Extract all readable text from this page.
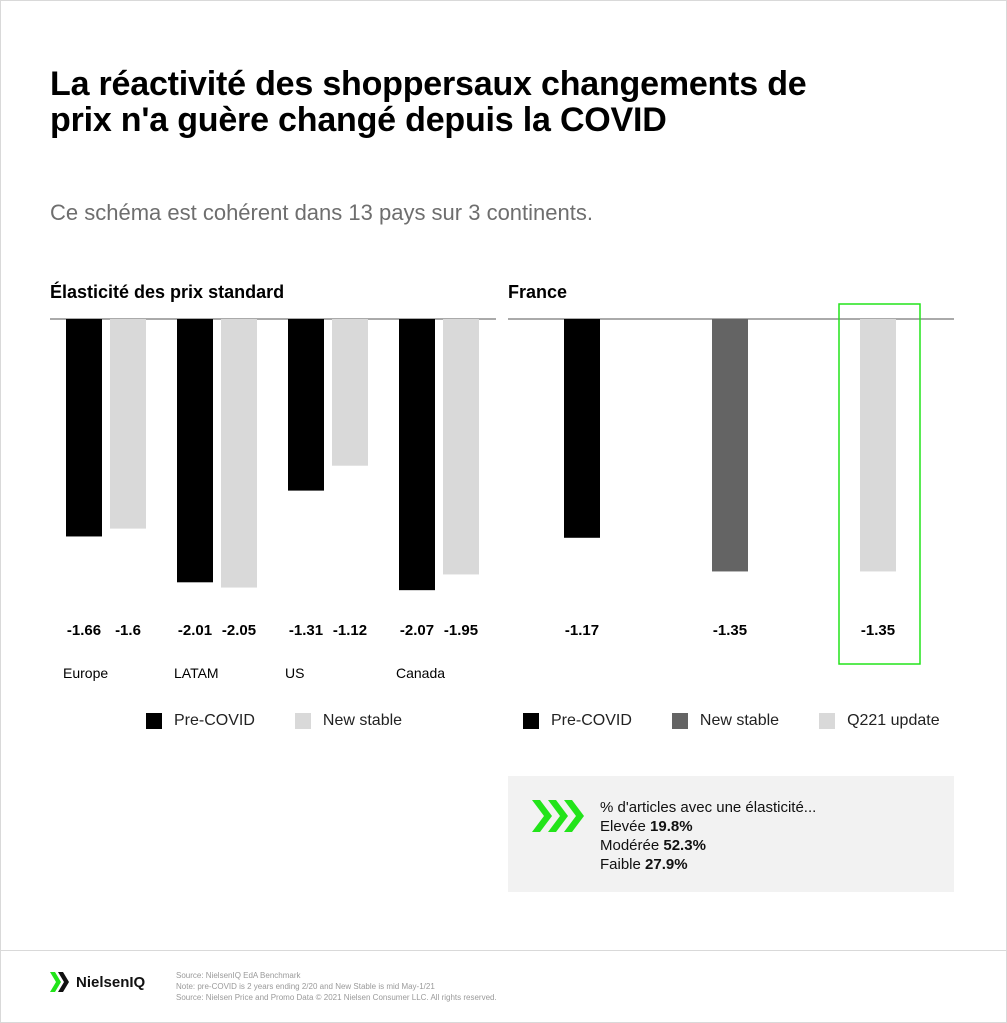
La réactivité des shoppersaux changements de prix n'a guère changé depuis la COVID
Ce schéma est cohérent dans 13 pays sur 3 continents.
Élasticité des prix standard	France
-1.66 -1.6
Europe
-2.01 -2.05
LATAM
-1.31 -1.12
US
-2.07 -1.95
Canada
-1.17	-1.35	-1.35
Pre-COVID	New stable	Pre-COVID	New stable	Q221 update
% d'articles avec une élasticité...
Elevée 19.8%
Modérée 52.3%
Faible 27.9%
NielsenIQ	Source: NielsenIQ EdA Benchmark
Note: pre-COVID is 2 years ending 2/20 and New Stable is mid May-1/21
Source: Nielsen Price and Promo Data © 2021 Nielsen Consumer LLC. All rights reserved.
